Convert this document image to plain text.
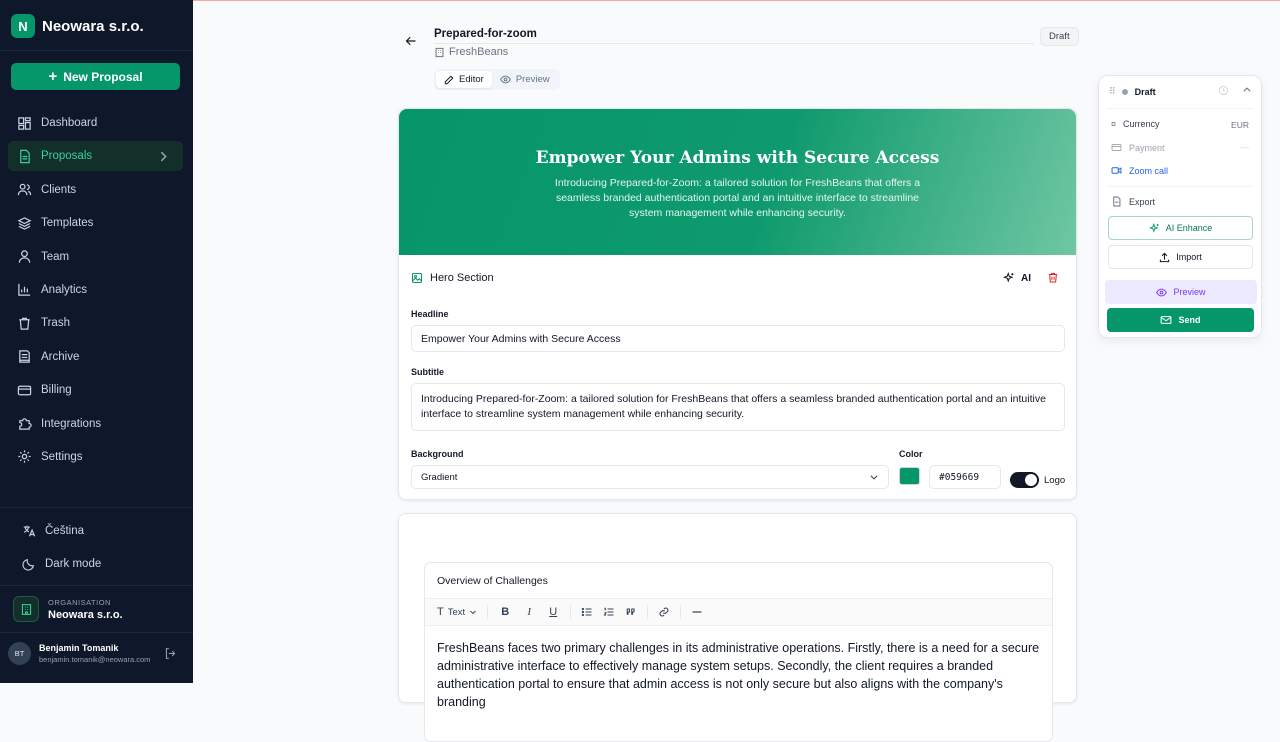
N Neowara s.r.o.
+ New Proposal
Dashboard
Proposals
Clients
Templates
Team
Analytics
Trash
Archive
Billing
Integrations
Settings
Čeština
Dark mode
ORGANISATION
Neowara s.r.o.
BT
Benjamin Tomanik
benjamin.tomanik@neowara.com
Prepared-for-zoom
FreshBeans
Draft
Editor	Preview
Empower Your Admins with Secure Access

Introducing Prepared-for-Zoom: a tailored solution for FreshBeans that offers a seamless branded authentication portal and an intuitive interface to streamline system management while enhancing security.

Hero Section	AI
Headline
Empower Your Admins with Secure Access
Subtitle
Introducing Prepared-for-Zoom: a tailored solution for FreshBeans that offers a seamless branded authentication portal and an intuitive interface to streamline system management while enhancing security.
Background
Gradient
Color
#059669	Logo
Overview of Challenges
T Text	B	I	U
FreshBeans faces two primary challenges in its administrative operations. Firstly, there is a need for a secure administrative interface to effectively manage system setups. Secondly, the client requires a branded authentication portal to ensure that admin access is not only secure but also aligns with the company's branding
⠿ Draft
¤ Currency	EUR
Payment	—
Zoom call
Export
AI Enhance
Import
Preview
Send
